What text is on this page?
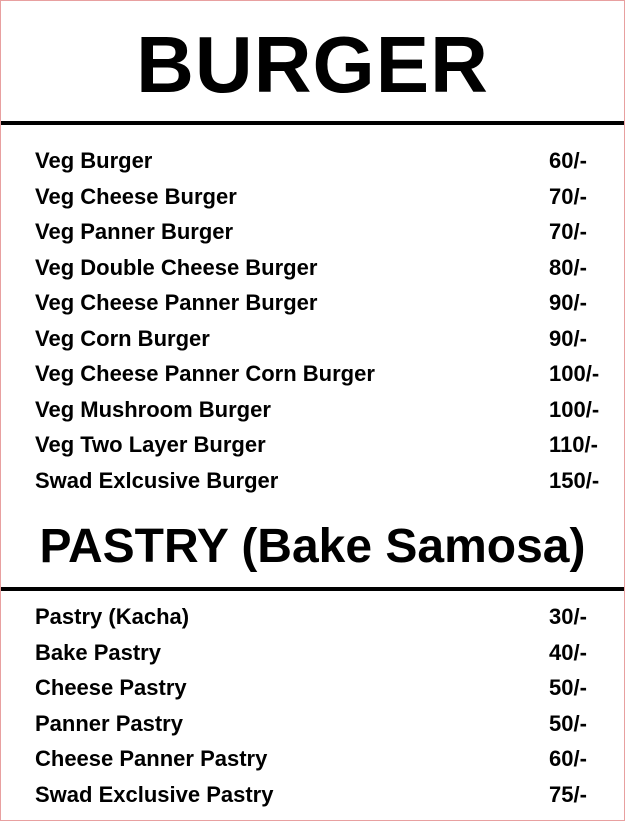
BURGER
Veg Burger	60/-
Veg Cheese Burger	70/-
Veg Panner Burger	70/-
Veg Double Cheese Burger	80/-
Veg Cheese Panner Burger	90/-
Veg Corn Burger	90/-
Veg Cheese Panner Corn Burger	100/-
Veg Mushroom Burger	100/-
Veg Two Layer Burger	110/-
Swad Exlcusive Burger	150/-
PASTRY (Bake Samosa)
Pastry (Kacha)	30/-
Bake Pastry	40/-
Cheese Pastry	50/-
Panner Pastry	50/-
Cheese Panner Pastry	60/-
Swad Exclusive Pastry	75/-
